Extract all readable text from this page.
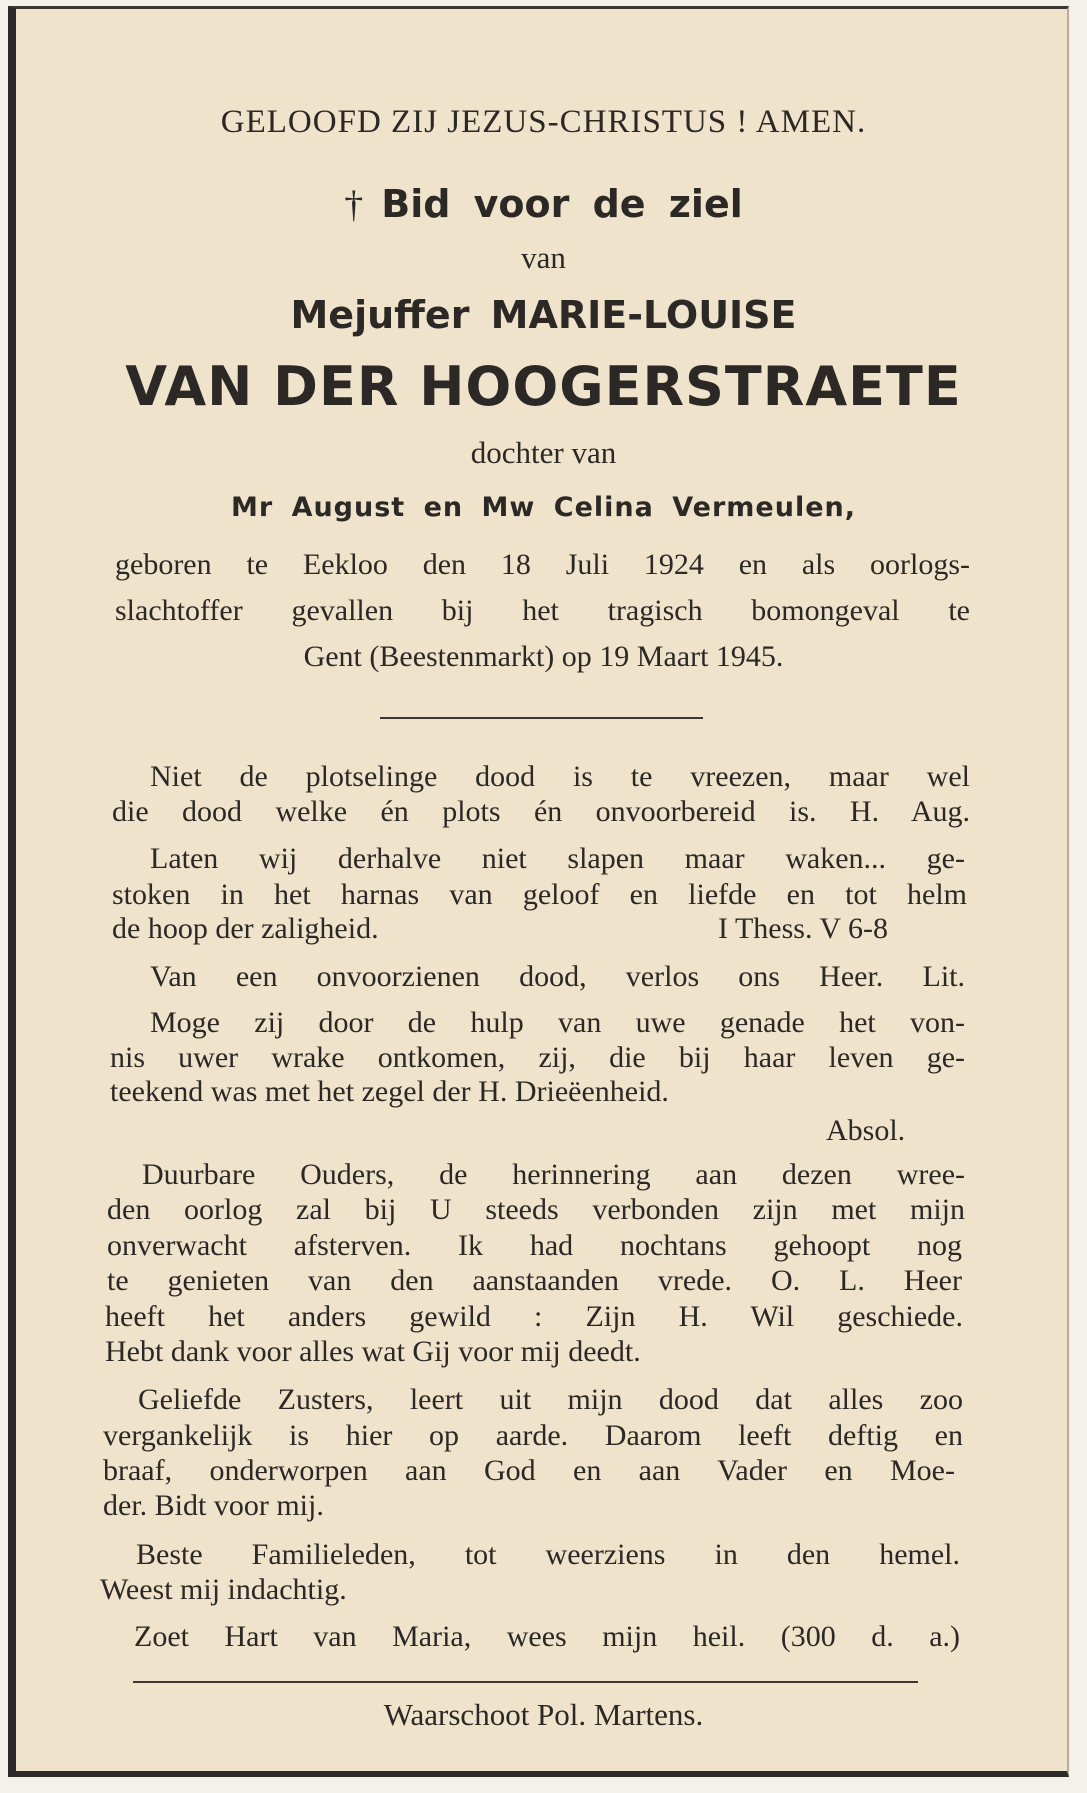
GELOOFD ZIJ JEZUS-CHRISTUS ! AMEN.
† Bid voor de ziel
van
Mejuffer MARIE-LOUISE
VAN DER HOOGERSTRAETE
dochter van
Mr August en Mw Celina Vermeulen,
geboren te Eekloo den 18 Juli 1924 en als oorlogs-
slachtoffer gevallen bij het tragisch bomongeval te
Gent (Beestenmarkt) op 19 Maart 1945.
Niet de plotselinge dood is te vreezen, maar wel
die dood welke én plots én onvoorbereid is. H. Aug.
Laten wij derhalve niet slapen maar waken... ge-
stoken in het harnas van geloof en liefde en tot helm
de hoop der zaligheid.	I Thess. V 6-8
Van een onvoorzienen dood, verlos ons Heer. Lit.
Moge zij door de hulp van uwe genade het von-
nis uwer wrake ontkomen, zij, die bij haar leven ge-
teekend was met het zegel der H. Drieëenheid.
Absol.
Duurbare Ouders, de herinnering aan dezen wree-
den oorlog zal bij U steeds verbonden zijn met mijn
onverwacht afsterven. Ik had nochtans gehoopt nog
te genieten van den aanstaanden vrede. O. L. Heer
heeft het anders gewild : Zijn H. Wil geschiede.
Hebt dank voor alles wat Gij voor mij deedt.
Geliefde Zusters, leert uit mijn dood dat alles zoo
vergankelijk is hier op aarde. Daarom leeft deftig en
braaf, onderworpen aan God en aan Vader en Moe-
der. Bidt voor mij.
Beste Familieleden, tot weerziens in den hemel.
Weest mij indachtig.
Zoet Hart van Maria, wees mijn heil. (300 d. a.)
Waarschoot Pol. Martens.
